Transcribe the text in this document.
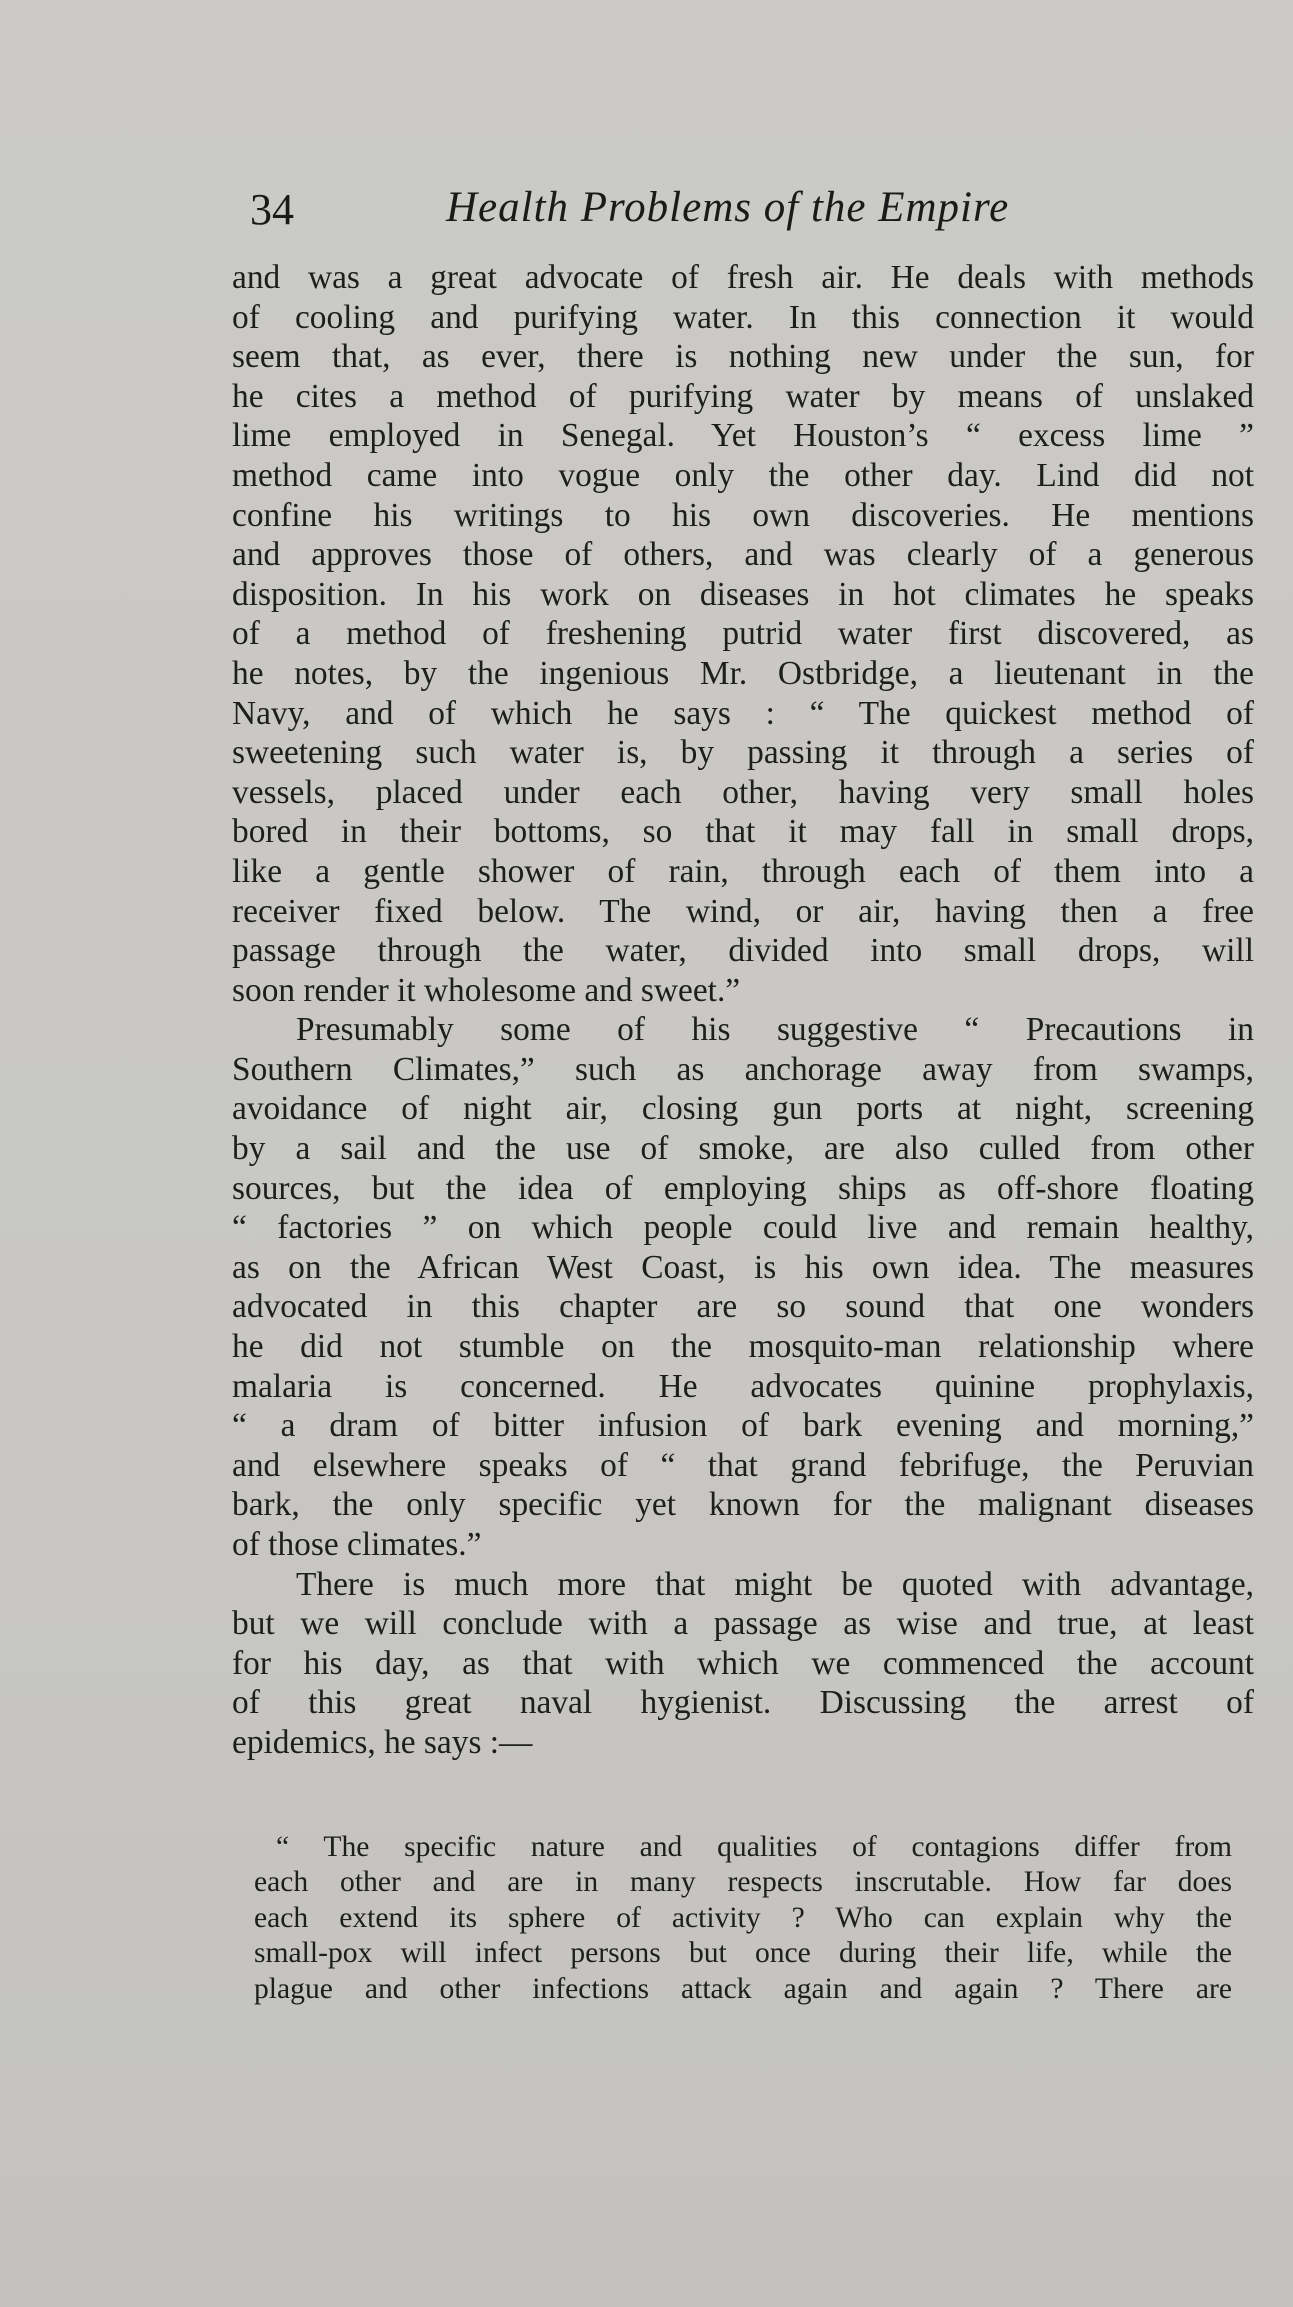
34	Health Problems of the Empire

and was a great advocate of fresh air. He deals with methods
of cooling and purifying water. In this connection it would
seem that, as ever, there is nothing new under the sun, for
he cites a method of purifying water by means of unslaked
lime employed in Senegal. Yet Houston’s “ excess lime ”
method came into vogue only the other day. Lind did not
confine his writings to his own discoveries. He mentions
and approves those of others, and was clearly of a generous
disposition. In his work on diseases in hot climates he speaks
of a method of freshening putrid water first discovered, as
he notes, by the ingenious Mr. Ostbridge, a lieutenant in the
Navy, and of which he says : “ The quickest method of
sweetening such water is, by passing it through a series of
vessels, placed under each other, having very small holes
bored in their bottoms, so that it may fall in small drops,
like a gentle shower of rain, through each of them into a
receiver fixed below. The wind, or air, having then a free
passage through the water, divided into small drops, will
soon render it wholesome and sweet.”

Presumably some of his suggestive “ Precautions in
Southern Climates,” such as anchorage away from swamps,
avoidance of night air, closing gun ports at night, screening
by a sail and the use of smoke, are also culled from other
sources, but the idea of employing ships as off-shore floating
“ factories ” on which people could live and remain healthy,
as on the African West Coast, is his own idea. The measures
advocated in this chapter are so sound that one wonders
he did not stumble on the mosquito-man relationship where
malaria is concerned. He advocates quinine prophylaxis,
“ a dram of bitter infusion of bark evening and morning,”
and elsewhere speaks of “ that grand febrifuge, the Peruvian
bark, the only specific yet known for the malignant diseases
of those climates.”

There is much more that might be quoted with advantage,
but we will conclude with a passage as wise and true, at least
for his day, as that with which we commenced the account
of this great naval hygienist. Discussing the arrest of
epidemics, he says :—

“ The specific nature and qualities of contagions differ from
each other and are in many respects inscrutable. How far does
each extend its sphere of activity ? Who can explain why the
small-pox will infect persons but once during their life, while the
plague and other infections attack again and again ? There are
